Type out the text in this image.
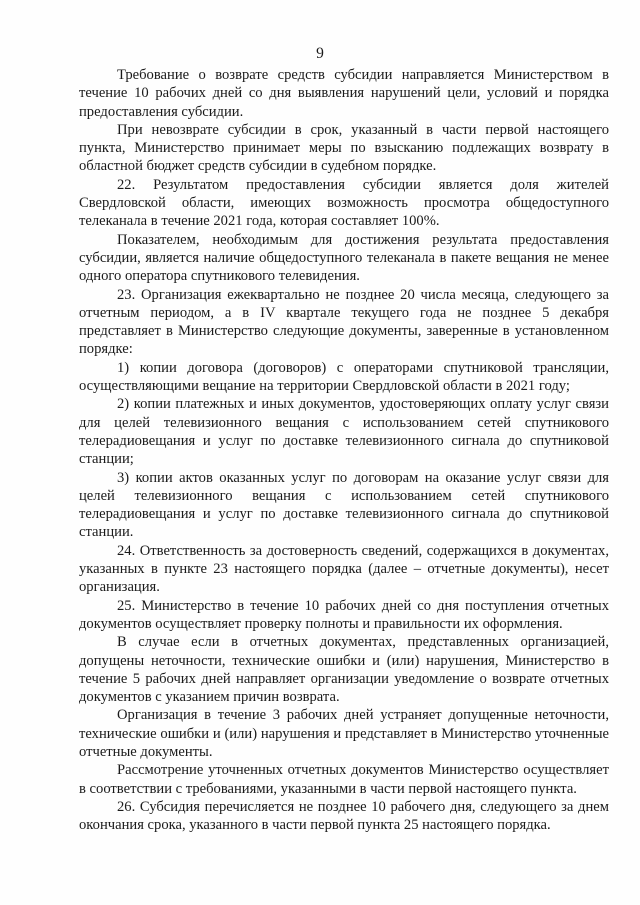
9

Требование о возврате средств субсидии направляется Министерством в течение 10 рабочих дней со дня выявления нарушений цели, условий и порядка предоставления субсидии.

При невозврате субсидии в срок, указанный в части первой настоящего пункта, Министерство принимает меры по взысканию подлежащих возврату в областной бюджет средств субсидии в судебном порядке.

22. Результатом предоставления субсидии является доля жителей Свердловской области, имеющих возможность просмотра общедоступного телеканала в течение 2021 года, которая составляет 100%.

Показателем, необходимым для достижения результата предоставления субсидии, является наличие общедоступного телеканала в пакете вещания не менее одного оператора спутникового телевидения.

23. Организация ежеквартально не позднее 20 числа месяца, следующего за отчетным периодом, а в IV квартале текущего года не позднее 5 декабря представляет в Министерство следующие документы, заверенные в установленном порядке:

1) копии договора (договоров) с операторами спутниковой трансляции, осуществляющими вещание на территории Свердловской области в 2021 году;

2) копии платежных и иных документов, удостоверяющих оплату услуг связи для целей телевизионного вещания с использованием сетей спутникового телерадиовещания и услуг по доставке телевизионного сигнала до спутниковой станции;

3) копии актов оказанных услуг по договорам на оказание услуг связи для целей телевизионного вещания с использованием сетей спутникового телерадиовещания и услуг по доставке телевизионного сигнала до спутниковой станции.

24. Ответственность за достоверность сведений, содержащихся в документах, указанных в пункте 23 настоящего порядка (далее – отчетные документы), несет организация.

25. Министерство в течение 10 рабочих дней со дня поступления отчетных документов осуществляет проверку полноты и правильности их оформления.

В случае если в отчетных документах, представленных организацией, допущены неточности, технические ошибки и (или) нарушения, Министерство в течение 5 рабочих дней направляет организации уведомление о возврате отчетных документов с указанием причин возврата.

Организация в течение 3 рабочих дней устраняет допущенные неточности, технические ошибки и (или) нарушения и представляет в Министерство уточненные отчетные документы.

Рассмотрение уточненных отчетных документов Министерство осуществляет в соответствии с требованиями, указанными в части первой настоящего пункта.

26. Субсидия перечисляется не позднее 10 рабочего дня, следующего за днем окончания срока, указанного в части первой пункта 25 настоящего порядка.
